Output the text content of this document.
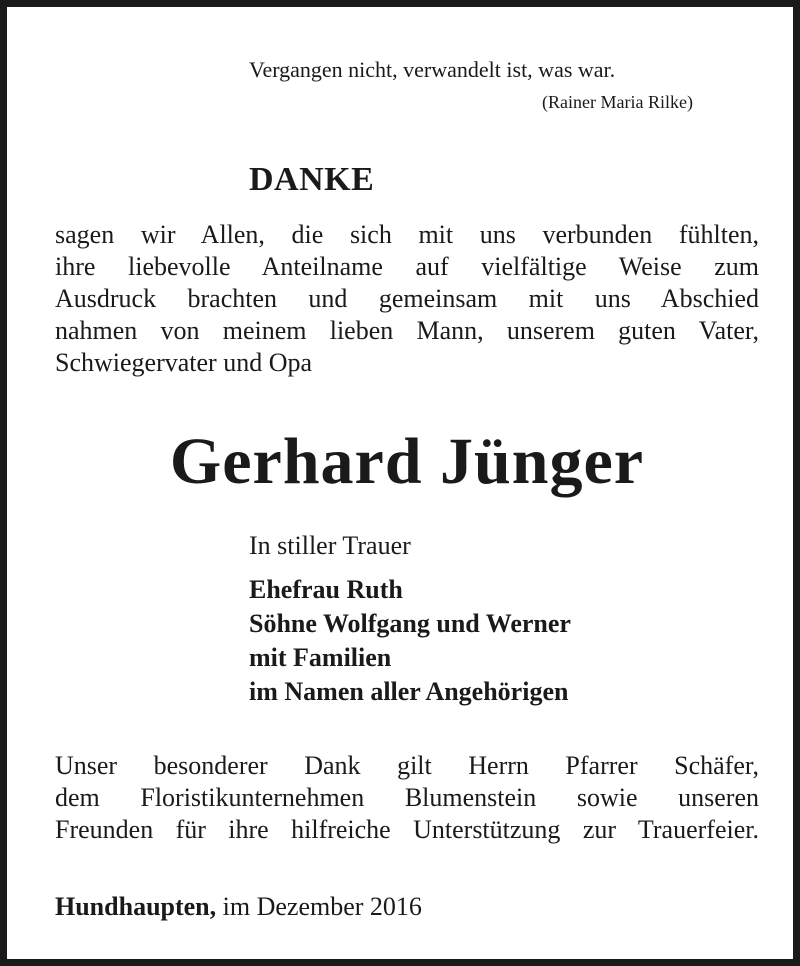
Vergangen nicht, verwandelt ist, was war.
(Rainer Maria Rilke)
DANKE
sagen wir Allen, die sich mit uns verbunden fühlten,
ihre liebevolle Anteilname auf vielfältige Weise zum
Ausdruck brachten und gemeinsam mit uns Abschied
nahmen von meinem lieben Mann, unserem guten Vater,
Schwiegervater und Opa
Gerhard Jünger
In stiller Trauer
Ehefrau Ruth
Söhne Wolfgang und Werner
mit Familien
im Namen aller Angehörigen
Unser besonderer Dank gilt Herrn Pfarrer Schäfer,
dem Floristikunternehmen Blumenstein sowie unseren
Freunden für ihre hilfreiche Unterstützung zur Trauerfeier.
Hundhaupten, im Dezember 2016
